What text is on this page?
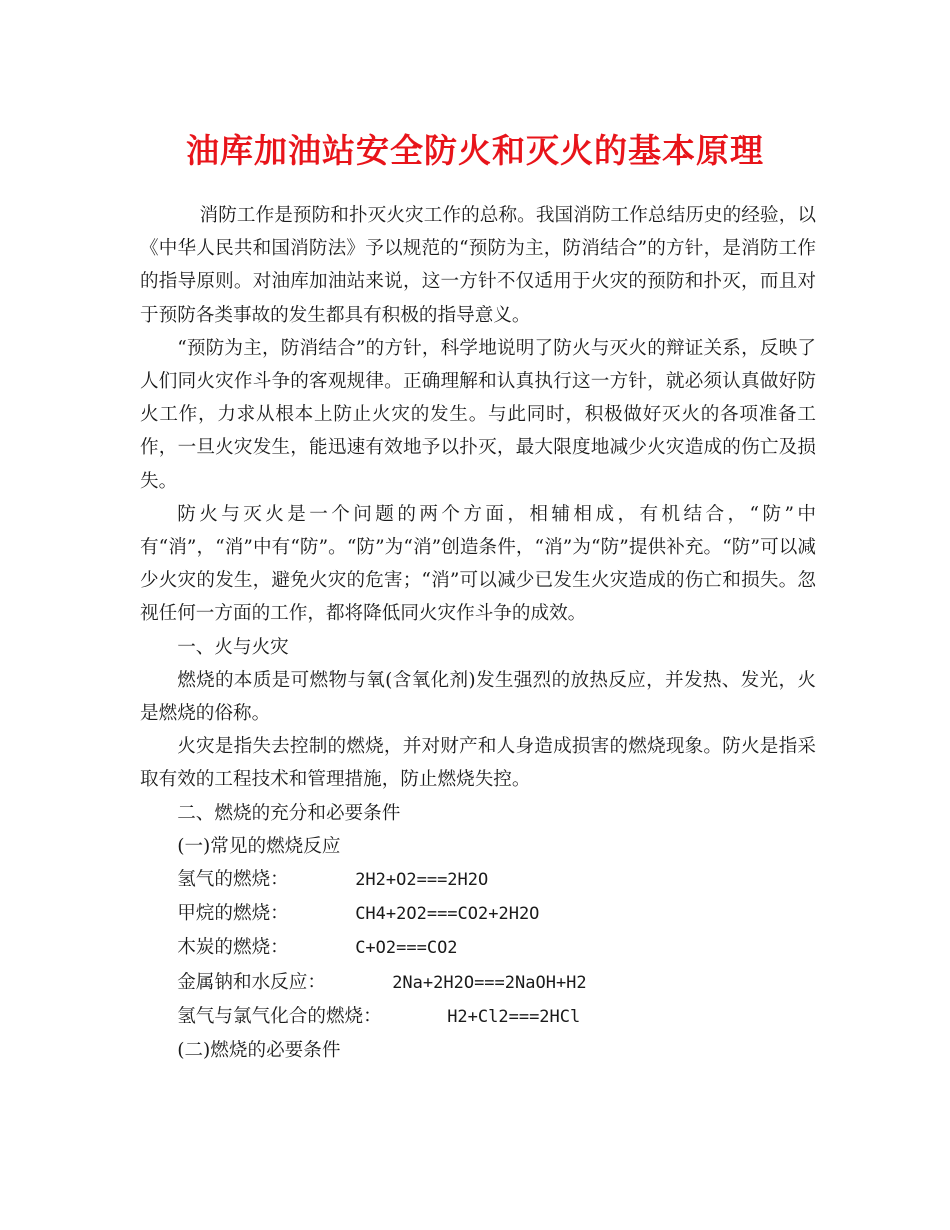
油库加油站安全防火和灭火的基本原理

消防工作是预防和扑灭火灾工作的总称。我国消防工作总结历史的经验，以《中华人民共和国消防法》予以规范的“预防为主，防消结合”的方针，是消防工作的指导原则。对油库加油站来说，这一方针不仅适用于火灾的预防和扑灭，而且对于预防各类事故的发生都具有积极的指导意义。

“预防为主，防消结合”的方针，科学地说明了防火与灭火的辩证关系，反映了人们同火灾作斗争的客观规律。正确理解和认真执行这一方针，就必须认真做好防火工作，力求从根本上防止火灾的发生。与此同时，积极做好灭火的各项准备工作，一旦火灾发生，能迅速有效地予以扑灭，最大限度地减少火灾造成的伤亡及损失。

防火与灭火是一个问题的两个方面，相辅相成，有机结合，“防”中有“消”，“消”中有“防”。“防”为“消”创造条件，“消”为“防”提供补充。“防”可以减少火灾的发生，避免火灾的危害；“消”可以减少已发生火灾造成的伤亡和损失。忽视任何一方面的工作，都将降低同火灾作斗争的成效。

一、火与火灾

燃烧的本质是可燃物与氧(含氧化剂)发生强烈的放热反应，并发热、发光，火是燃烧的俗称。

火灾是指失去控制的燃烧，并对财产和人身造成损害的燃烧现象。防火是指采取有效的工程技术和管理措施，防止燃烧失控。

二、燃烧的充分和必要条件
(一)常见的燃烧反应
氢气的燃烧：	2H2+O2===2H2O
甲烷的燃烧：	CH4+2O2===CO2+2H2O
木炭的燃烧：	C+O2===CO2
金属钠和水反应：	2Na+2H2O===2NaOH+H2
氢气与氯气化合的燃烧：	H2+Cl2===2HCl
(二)燃烧的必要条件
